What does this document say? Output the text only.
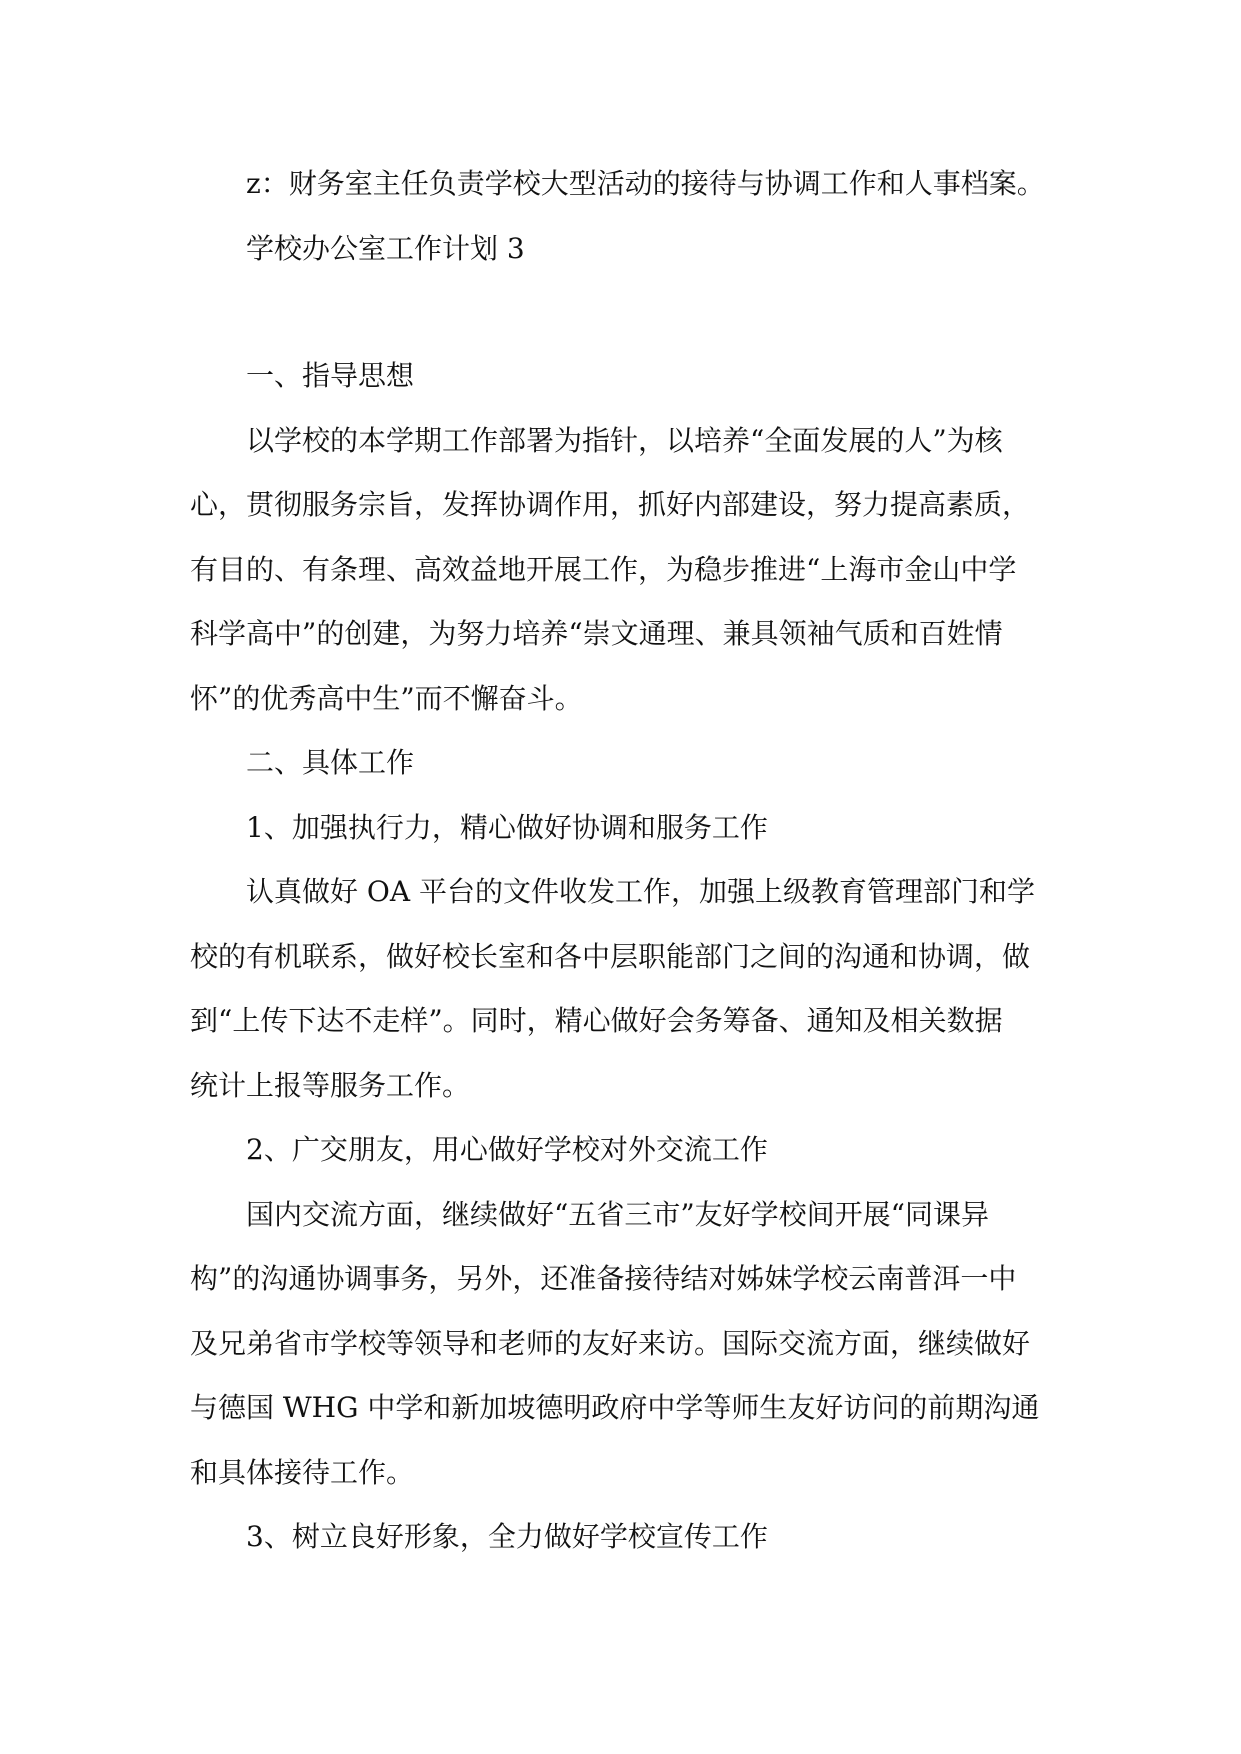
z：财务室主任负责学校大型活动的接待与协调工作和人事档案。

学校办公室工作计划 3

一、指导思想

以学校的本学期工作部署为指针，以培养“全面发展的人”为核

心，贯彻服务宗旨，发挥协调作用，抓好内部建设，努力提高素质，

有目的、有条理、高效益地开展工作，为稳步推进“上海市金山中学

科学高中”的创建，为努力培养“崇文通理、兼具领袖气质和百姓情

怀”的优秀高中生”而不懈奋斗。

二、具体工作

1、加强执行力，精心做好协调和服务工作

认真做好 OA 平台的文件收发工作，加强上级教育管理部门和学

校的有机联系，做好校长室和各中层职能部门之间的沟通和协调，做

到“上传下达不走样”。同时，精心做好会务筹备、通知及相关数据

统计上报等服务工作。

2、广交朋友，用心做好学校对外交流工作

国内交流方面，继续做好“五省三市”友好学校间开展“同课异

构”的沟通协调事务，另外，还准备接待结对姊妹学校云南普洱一中

及兄弟省市学校等领导和老师的友好来访。国际交流方面，继续做好

与德国 WHG 中学和新加坡德明政府中学等师生友好访问的前期沟通

和具体接待工作。

3、树立良好形象，全力做好学校宣传工作
